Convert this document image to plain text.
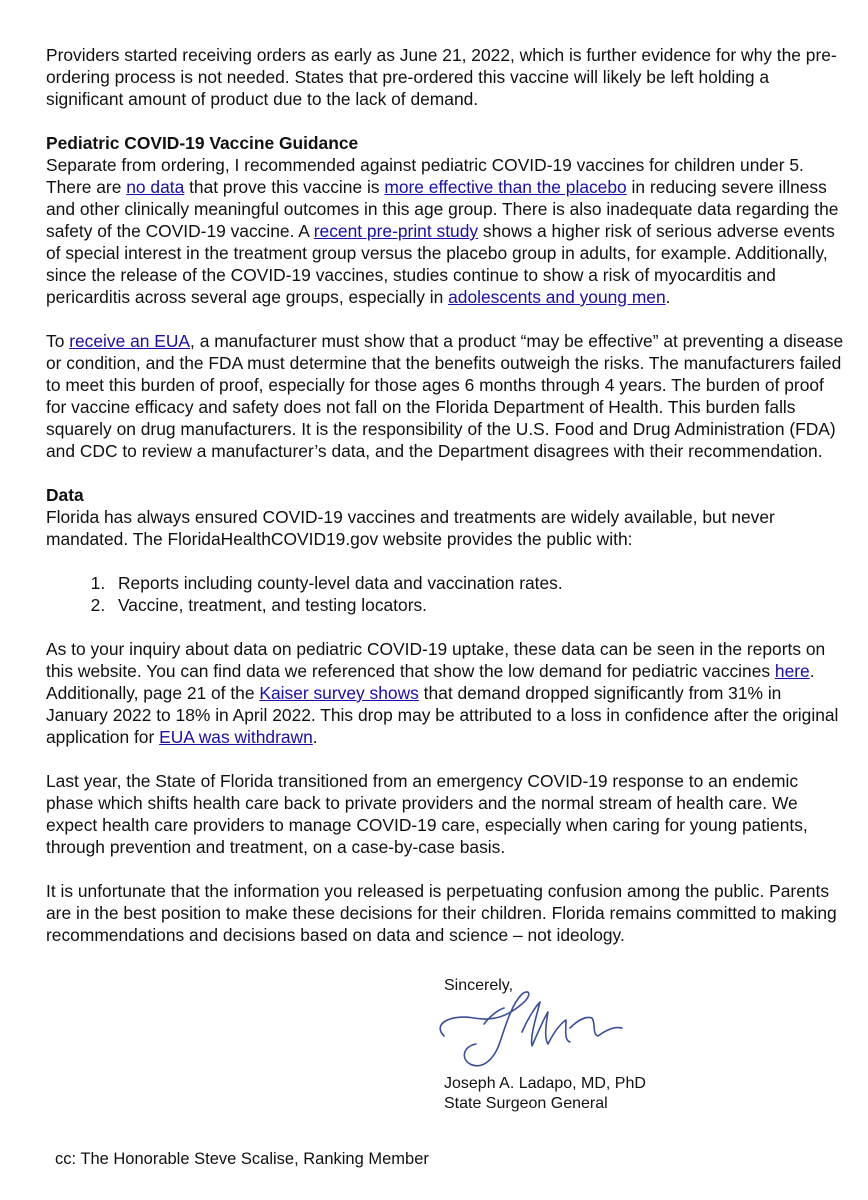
Providers started receiving orders as early as June 21, 2022, which is further evidence for why the pre-ordering process is not needed. States that pre-ordered this vaccine will likely be left holding a significant amount of product due to the lack of demand.

Pediatric COVID-19 Vaccine Guidance

Separate from ordering, I recommended against pediatric COVID-19 vaccines for children under 5. There are no data that prove this vaccine is more effective than the placebo in reducing severe illness and other clinically meaningful outcomes in this age group. There is also inadequate data regarding the safety of the COVID-19 vaccine. A recent pre-print study shows a higher risk of serious adverse events of special interest in the treatment group versus the placebo group in adults, for example. Additionally, since the release of the COVID-19 vaccines, studies continue to show a risk of myocarditis and pericarditis across several age groups, especially in adolescents and young men.

To receive an EUA, a manufacturer must show that a product “may be effective” at preventing a disease or condition, and the FDA must determine that the benefits outweigh the risks. The manufacturers failed to meet this burden of proof, especially for those ages 6 months through 4 years. The burden of proof for vaccine efficacy and safety does not fall on the Florida Department of Health. This burden falls squarely on drug manufacturers. It is the responsibility of the U.S. Food and Drug Administration (FDA) and CDC to review a manufacturer’s data, and the Department disagrees with their recommendation.

Data

Florida has always ensured COVID-19 vaccines and treatments are widely available, but never mandated. The FloridaHealthCOVID19.gov website provides the public with:

1. Reports including county-level data and vaccination rates.
2. Vaccine, treatment, and testing locators.

As to your inquiry about data on pediatric COVID-19 uptake, these data can be seen in the reports on this website. You can find data we referenced that show the low demand for pediatric vaccines here. Additionally, page 21 of the Kaiser survey shows that demand dropped significantly from 31% in January 2022 to 18% in April 2022. This drop may be attributed to a loss in confidence after the original application for EUA was withdrawn.

Last year, the State of Florida transitioned from an emergency COVID-19 response to an endemic phase which shifts health care back to private providers and the normal stream of health care. We expect health care providers to manage COVID-19 care, especially when caring for young patients, through prevention and treatment, on a case-by-case basis.

It is unfortunate that the information you released is perpetuating confusion among the public. Parents are in the best position to make these decisions for their children. Florida remains committed to making recommendations and decisions based on data and science – not ideology.

Sincerely,
Joseph A. Ladapo, MD, PhD
State Surgeon General
cc: The Honorable Steve Scalise, Ranking Member
